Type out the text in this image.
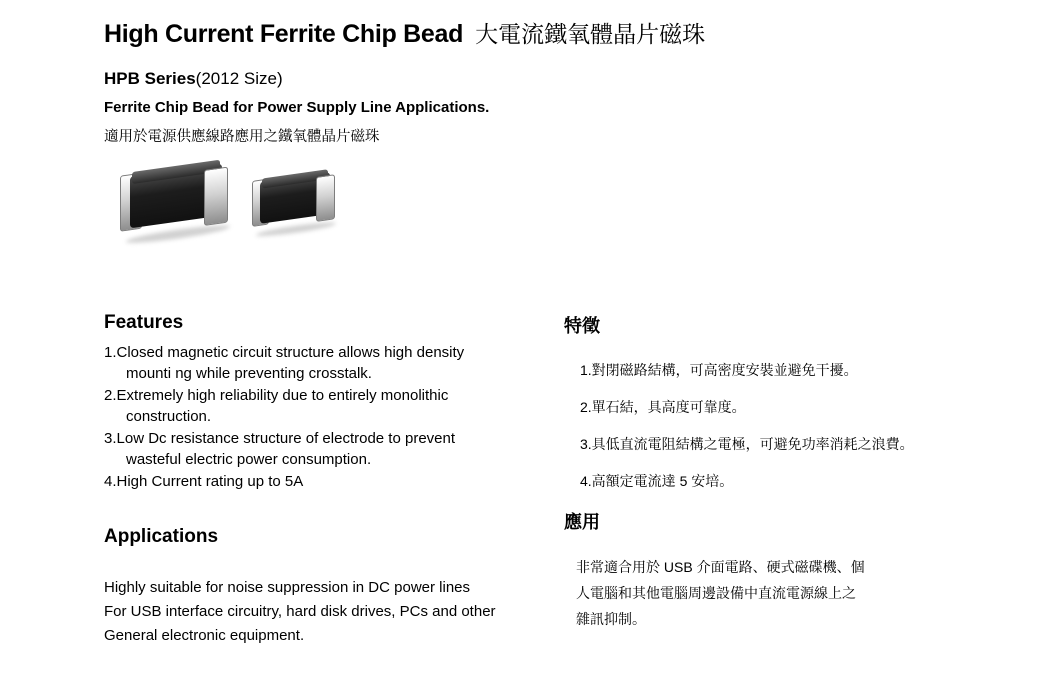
High Current Ferrite Chip Bead 大電流鐵氧體晶片磁珠
HPB Series(2012 Size)
Ferrite Chip Bead for Power Supply Line Applications.
適用於電源供應線路應用之鐵氧體晶片磁珠
Features
1.Closed magnetic circuit structure allows high density
mounti ng while preventing crosstalk.
2.Extremely high reliability due to entirely monolithic
construction.
3.Low Dc resistance structure of electrode to prevent
wasteful electric power consumption.
4.High Current rating up to 5A
Applications
Highly suitable for noise suppression in DC power lines
For USB interface circuitry, hard disk drives, PCs and other
General electronic equipment.
特徵
1.對閉磁路結構，可高密度安裝並避免干擾。
2.單石結，具高度可靠度。
3.具低直流電阻結構之電極，可避免功率消耗之浪費。
4.高額定電流達 5 安培。
應用
非常適合用於 USB 介面電路、硬式磁碟機、個
人電腦和其他電腦周邊設備中直流電源線上之
雜訊抑制。
